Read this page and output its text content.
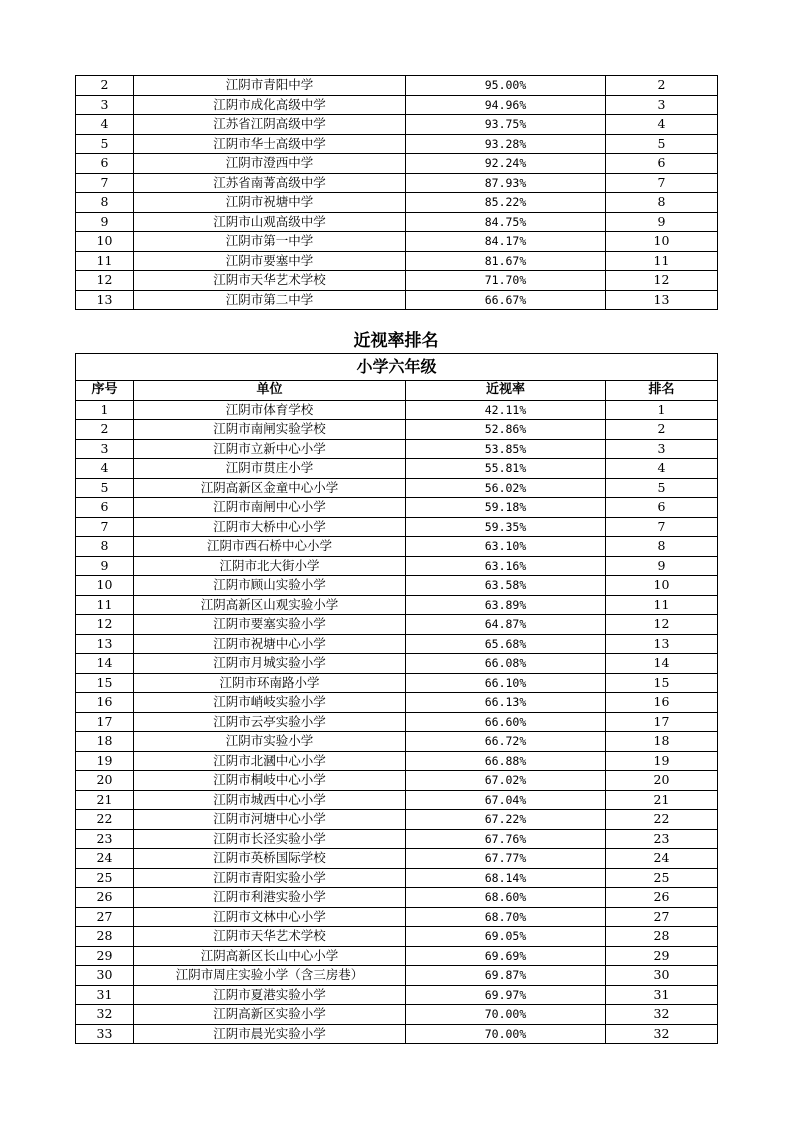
2	江阴市青阳中学	95.00%	2
3	江阴市成化高级中学	94.96%	3
4	江苏省江阴高级中学	93.75%	4
5	江阴市华士高级中学	93.28%	5
6	江阴市澄西中学	92.24%	6
7	江苏省南菁高级中学	87.93%	7
8	江阴市祝塘中学	85.22%	8
9	江阴市山观高级中学	84.75%	9
10	江阴市第一中学	84.17%	10
11	江阴市要塞中学	81.67%	11
12	江阴市天华艺术学校	71.70%	12
13	江阴市第二中学	66.67%	13
近视率排名
小学六年级			
序号	单位	近视率	排名
1	江阴市体育学校	42.11%	1
2	江阴市南闸实验学校	52.86%	2
3	江阴市立新中心小学	53.85%	3
4	江阴市贯庄小学	55.81%	4
5	江阴高新区金童中心小学	56.02%	5
6	江阴市南闸中心小学	59.18%	6
7	江阴市大桥中心小学	59.35%	7
8	江阴市西石桥中心小学	63.10%	8
9	江阴市北大街小学	63.16%	9
10	江阴市顾山实验小学	63.58%	10
11	江阴高新区山观实验小学	63.89%	11
12	江阴市要塞实验小学	64.87%	12
13	江阴市祝塘中心小学	65.68%	13
14	江阴市月城实验小学	66.08%	14
15	江阴市环南路小学	66.10%	15
16	江阴市峭岐实验小学	66.13%	16
17	江阴市云亭实验小学	66.60%	17
18	江阴市实验小学	66.72%	18
19	江阴市北漍中心小学	66.88%	19
20	江阴市桐岐中心小学	67.02%	20
21	江阴市城西中心小学	67.04%	21
22	江阴市河塘中心小学	67.22%	22
23	江阴市长泾实验小学	67.76%	23
24	江阴市英桥国际学校	67.77%	24
25	江阴市青阳实验小学	68.14%	25
26	江阴市利港实验小学	68.60%	26
27	江阴市文林中心小学	68.70%	27
28	江阴市天华艺术学校	69.05%	28
29	江阴高新区长山中心小学	69.69%	29
30	江阴市周庄实验小学（含三房巷）	69.87%	30
31	江阴市夏港实验小学	69.97%	31
32	江阴高新区实验小学	70.00%	32
33	江阴市晨光实验小学	70.00%	32
